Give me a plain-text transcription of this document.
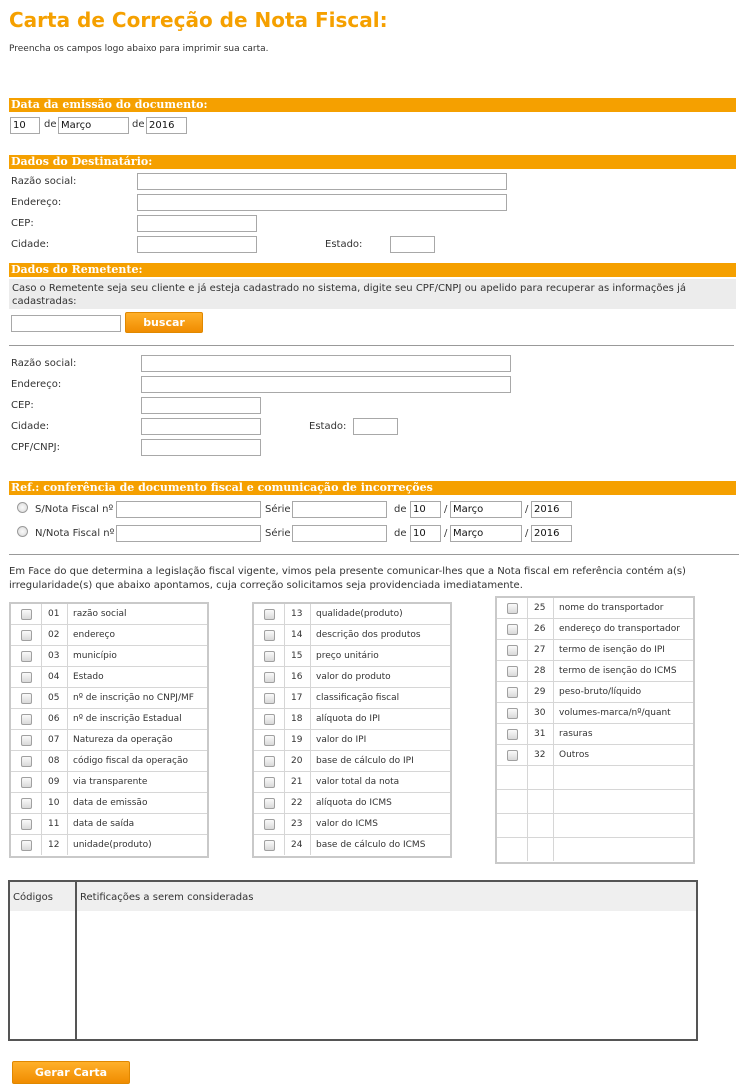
Carta de Correção de Nota Fiscal:
Preencha os campos logo abaixo para imprimir sua carta.
Data da emissão do documento:
10	de Março	de 2016
Dados do Destinatário:
Razão social:
Endereço:
CEP:
Cidade:	Estado:
Dados do Remetente:
Caso o Remetente seja seu cliente e já esteja cadastrado no sistema, digite seu CPF/CNPJ ou apelido para recuperar as informações já cadastradas:
buscar
Razão social:
Endereço:
CEP:
Cidade:	Estado:
CPF/CNPJ:
Ref.: conferência de documento fiscal e comunicação de incorreções
S/Nota Fiscal nº	Série	de 10	/ Março	/ 2016
N/Nota Fiscal nº	Série	de 10	/ Março	/ 2016
Em Face do que determina a legislação fiscal vigente, vimos pela presente comunicar-lhes que a Nota fiscal em referência contém a(s) irregularidade(s) que abaixo apontamos, cuja correção solicitamos seja providenciada imediatamente.
01	razão social
02	endereço
03	município
04	Estado
05	nº de inscrição no CNPJ/MF
06	nº de inscrição Estadual
07	Natureza da operação
08	código fiscal da operação
09	via transparente
10	data de emissão
11	data de saída
12	unidade(produto)
13	qualidade(produto)
14	descrição dos produtos
15	preço unitário
16	valor do produto
17	classificação fiscal
18	alíquota do IPI
19	valor do IPI
20	base de cálculo do IPI
21	valor total da nota
22	alíquota do ICMS
23	valor do ICMS
24	base de cálculo do ICMS
25	nome do transportador
26	endereço do transportador
27	termo de isenção do IPI
28	termo de isenção do ICMS
29	peso-bruto/líquido
30	volumes-marca/nº/quant
31	rasuras
32	Outros
Códigos	Retificações a serem consideradas
Gerar Carta
